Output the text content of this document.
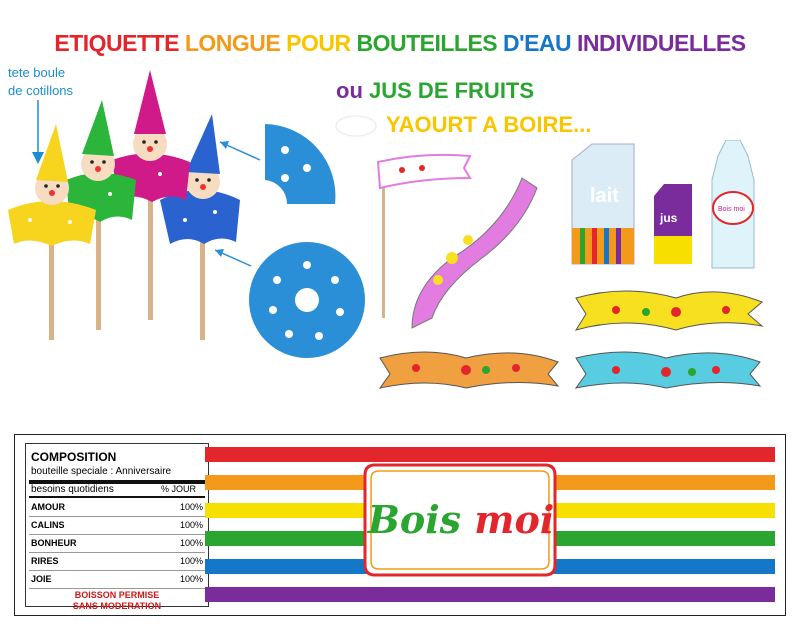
ETIQUETTE LONGUE POUR BOUTEILLES D'EAU INDIVIDUELLES
ou JUS DE FRUITS
YAOURT A BOIRE...
tete boule
de cotillons
lait
jus
Bois moi
COMPOSITION
bouteille speciale : Anniversaire
besoins quotidiens	% JOUR
AMOUR	100%
CALINS	100%
BONHEUR	100%
RIRES	100%
JOIE	100%
BOISSON PERMISE
SANS MODERATION
Bois moi
